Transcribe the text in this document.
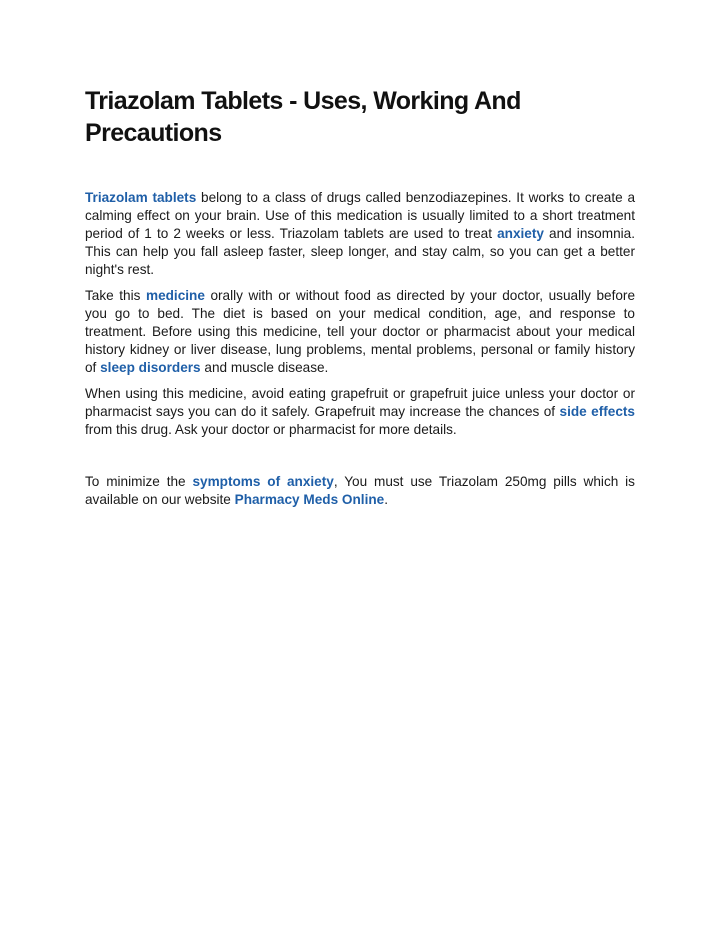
Triazolam Tablets - Uses, Working And Precautions

Triazolam tablets belong to a class of drugs called benzodiazepines. It works to create a calming effect on your brain. Use of this medication is usually limited to a short treatment period of 1 to 2 weeks or less. Triazolam tablets are used to treat anxiety and insomnia. This can help you fall asleep faster, sleep longer, and stay calm, so you can get a better night's rest.

Take this medicine orally with or without food as directed by your doctor, usually before you go to bed. The diet is based on your medical condition, age, and response to treatment. Before using this medicine, tell your doctor or pharmacist about your medical history kidney or liver disease, lung problems, mental problems, personal or family history of sleep disorders and muscle disease.

When using this medicine, avoid eating grapefruit or grapefruit juice unless your doctor or pharmacist says you can do it safely. Grapefruit may increase the chances of side effects from this drug. Ask your doctor or pharmacist for more details.

To minimize the symptoms of anxiety, You must use Triazolam 250mg pills which is available on our website Pharmacy Meds Online.
